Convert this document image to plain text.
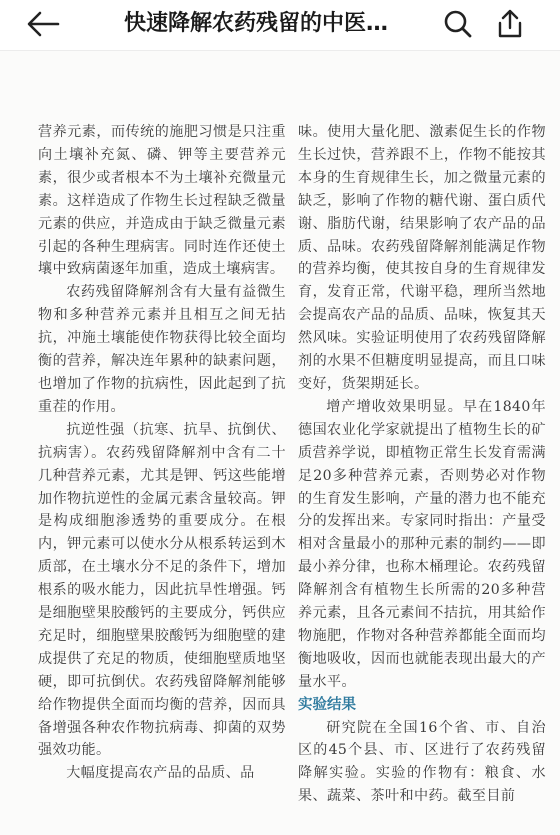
快速降解农药残留的中医…

营养元素，而传统的施肥习惯是只注重向土壤补充氮、磷、钾等主要营养元素，很少或者根本不为土壤补充微量元素。这样造成了作物生长过程缺乏微量元素的供应，并造成由于缺乏微量元素引起的各种生理病害。同时连作还使土壤中致病菌逐年加重，造成土壤病害。

农药残留降解剂含有大量有益微生物和多种营养元素并且相互之间无拈抗，冲施土壤能使作物获得比较全面均衡的营养，解决连年累种的缺素问题，也增加了作物的抗病性，因此起到了抗重茬的作用。

抗逆性强（抗寒、抗旱、抗倒伏、抗病害）。农药残留降解剂中含有二十几种营养元素，尤其是钾、钙这些能增加作物抗逆性的金属元素含量较高。钾是构成细胞渗透势的重要成分。在根内，钾元素可以使水分从根系转运到木质部，在土壤水分不足的条件下，增加根系的吸水能力，因此抗旱性增强。钙是细胞壁果胶酸钙的主要成分，钙供应充足时，细胞壁果胶酸钙为细胞壁的建成提供了充足的物质，使细胞壁质地坚硬，即可抗倒伏。农药残留降解剂能够给作物提供全面而均衡的营养，因而具备增强各种农作物抗病毒、抑菌的双势强效功能。

大幅度提高农产品的品质、品

味。使用大量化肥、激素促生长的作物生长过快，营养跟不上，作物不能按其本身的生育规律生长，加之微量元素的缺乏，影响了作物的糖代谢、蛋白质代谢、脂肪代谢，结果影响了农产品的品质、品味。农药残留降解剂能满足作物的营养均衡，使其按自身的生育规律发育，发育正常，代谢平稳，理所当然地会提高农产品的品质、品味，恢复其天然风味。实验证明使用了农药残留降解剂的水果不但糖度明显提高，而且口味变好，货架期延长。

增产增收效果明显。早在1840年德国农业化学家就提出了植物生长的矿质营养学说，即植物正常生长发育需满足20多种营养元素，否则势必对作物的生育发生影响，产量的潜力也不能充分的发挥出来。专家同时指出：产量受相对含量最小的那种元素的制约——即最小养分律，也称木桶理论。农药残留降解剂含有植物生长所需的20多种营养元素，且各元素间不拮抗，用其給作物施肥，作物对各种营养都能全面而均衡地吸收，因而也就能表现出最大的产量水平。

实验结果

研究院在全国16个省、市、自治区的45个县、市、区进行了农药残留降解实验。实验的作物有：粮食、水果、蔬菜、茶叶和中药。截至目前
